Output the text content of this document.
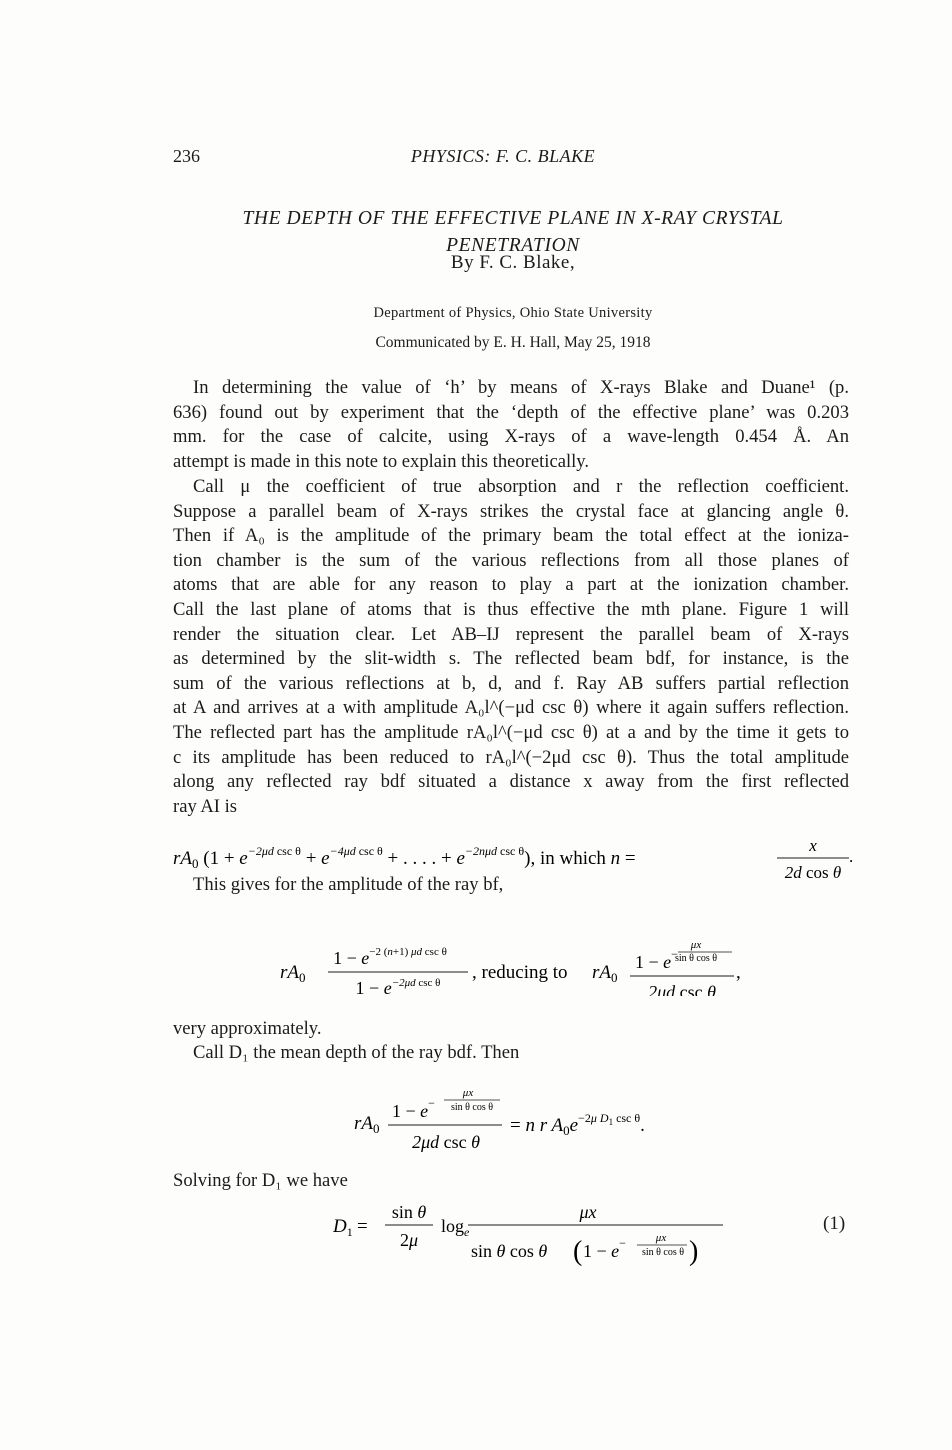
236	PHYSICS: F. C. BLAKE
THE DEPTH OF THE EFFECTIVE PLANE IN X-RAY CRYSTAL
PENETRATION
By F. C. Blake,
Department of Physics, Ohio State University
Communicated by E. H. Hall, May 25, 1918
In determining the value of ‘h’ by means of X-rays Blake and Duane¹ (p.
636) found out by experiment that the ‘depth of the effective plane’ was 0.203
mm. for the case of calcite, using X-rays of a wave-length 0.454 Å. An
attempt is made in this note to explain this theoretically.
Call μ the coefficient of true absorption and r the reflection coefficient.
Suppose a parallel beam of X-rays strikes the crystal face at glancing angle θ.
Then if A₀ is the amplitude of the primary beam the total effect at the ioniza-
tion chamber is the sum of the various reflections from all those planes of
atoms that are able for any reason to play a part at the ionization chamber.
Call the last plane of atoms that is thus effective the mth plane. Figure 1 will
render the situation clear. Let AB–IJ represent the parallel beam of X-rays
as determined by the slit-width s. The reflected beam bdf, for instance, is the
sum of the various reflections at b, d, and f. Ray AB suffers partial reflection
at A and arrives at a with amplitude A₀l^(−μd csc θ) where it again suffers reflection.
The reflected part has the amplitude rA₀l^(−μd csc θ) at a and by the time it gets to
c its amplitude has been reduced to rA₀l^(−2μd csc θ). Thus the total amplitude
along any reflected ray bdf situated a distance x away from the first reflected
ray AI is
$rA_0$ ($1 + e^{-2\mu d}$ $\csc \theta + e^{-4\mu d}$ csc θ + . . . . + $e^{-2n\mu d}$ csc θ), in which n =
x
2d cos θ
.
This gives for the amplitude of the ray bf,
$rA_0$
$1 - e^{-2 (}n+1$) μd csc θ
$1 - e^{-2\mu d}$ csc θ , reducing to $rA_0$
μx
sin θ cos θ
1 − e−
2μd csc θ
,
very approximately.
Call D₁ the mean depth of the ray bdf. Then
$rA_0$
μx
sin θ cos θ
1 − e−
2μd csc θ
= n r $A_0e^{-2}\mu$ D1 csc θ.
Solving for D₁ we have
$D_1$ =
sin θ
2μ
$\log_e$
μx
sin θ cos θ ( 1 − e−	μx
sin θ cos θ )
(1)
